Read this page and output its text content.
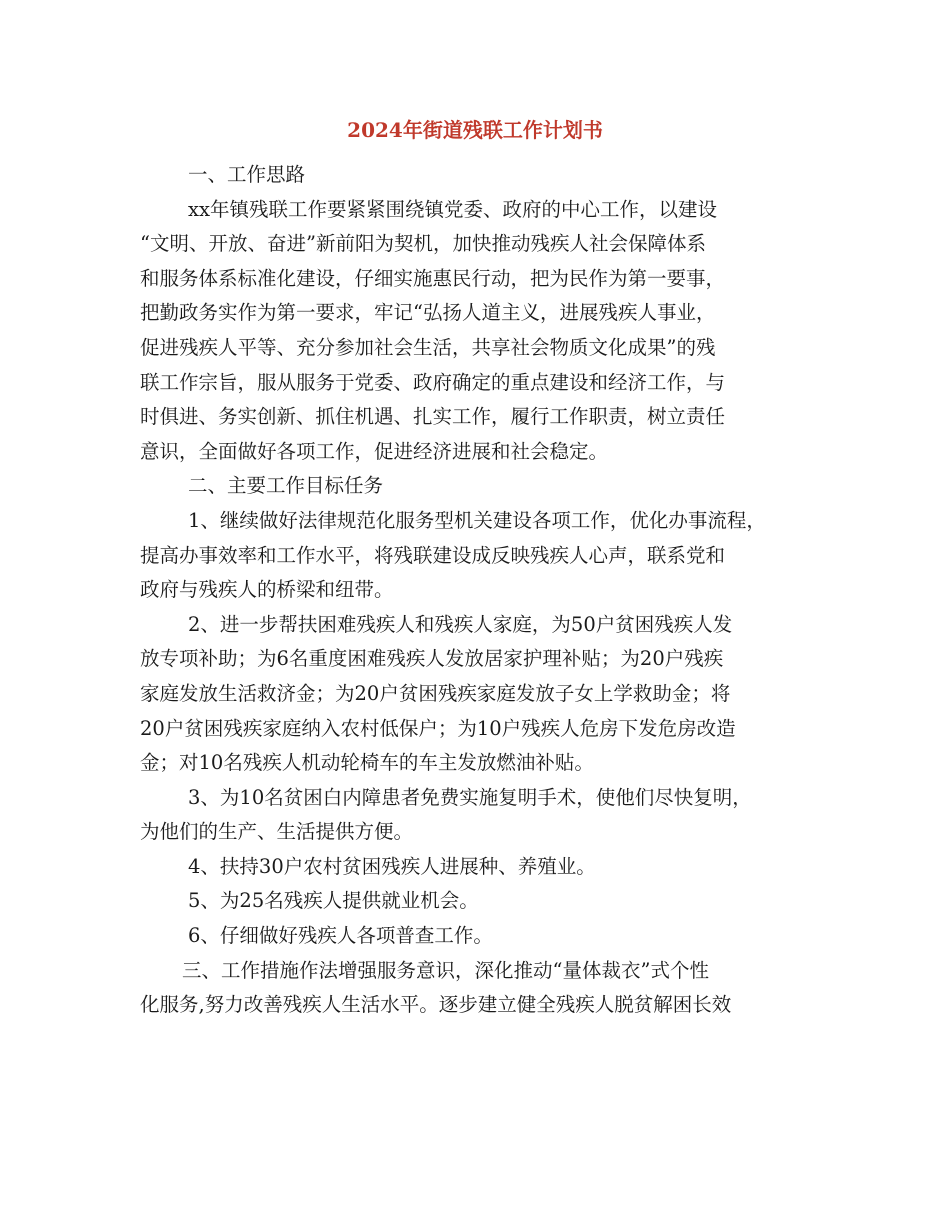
2024年街道残联工作计划书
一、工作思路
xx年镇残联工作要紧紧围绕镇党委、政府的中心工作，以建设
“文明、开放、奋进”新前阳为契机，加快推动残疾人社会保障体系
和服务体系标准化建设，仔细实施惠民行动，把为民作为第一要事，
把勤政务实作为第一要求，牢记“弘扬人道主义，进展残疾人事业，
促进残疾人平等、充分参加社会生活，共享社会物质文化成果”的残
联工作宗旨，服从服务于党委、政府确定的重点建设和经济工作，与
时俱进、务实创新、抓住机遇、扎实工作，履行工作职责，树立责任
意识，全面做好各项工作，促进经济进展和社会稳定。
二、主要工作目标任务
1、继续做好法律规范化服务型机关建设各项工作，优化办事流程，
提高办事效率和工作水平，将残联建设成反映残疾人心声，联系党和
政府与残疾人的桥梁和纽带。
2、进一步帮扶困难残疾人和残疾人家庭，为50户贫困残疾人发
放专项补助；为6名重度困难残疾人发放居家护理补贴；为20户残疾
家庭发放生活救济金；为20户贫困残疾家庭发放子女上学救助金；将
20户贫困残疾家庭纳入农村低保户；为10户残疾人危房下发危房改造
金；对10名残疾人机动轮椅车的车主发放燃油补贴。
3、为10名贫困白内障患者免费实施复明手术，使他们尽快复明，
为他们的生产、生活提供方便。
4、扶持30户农村贫困残疾人进展种、养殖业。
5、为25名残疾人提供就业机会。
6、仔细做好残疾人各项普查工作。
三、工作措施作法增强服务意识，深化推动“量体裁衣”式个性
化服务,努力改善残疾人生活水平。逐步建立健全残疾人脱贫解困长效
